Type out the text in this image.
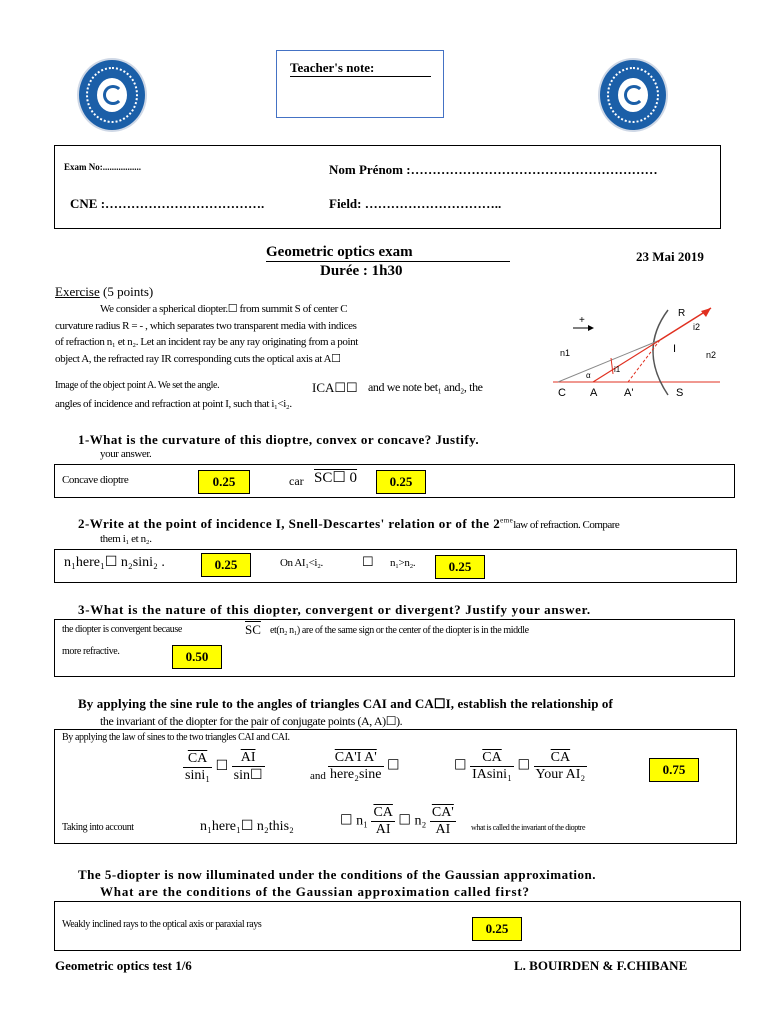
Teacher's note:
Exam No:.................	Nom Prénom :…………………………………………………
CNE :……………………………….	Field: …………………………..
Geometric optics exam
Durée : 1h30
23 Mai 2019
Exercise (5 points)
We consider a spherical diopter.☐ from summit S of center C
curvature radius R = - , which separates two transparent media with indices
of refraction n₁ et n₂. Let an incident ray be any ray originating from a point
object A, the refracted ray IR corresponding cuts the optical axis at A☐
Image of the object point A. We set the angle.	ICA☐☐ and we note bet₁ and₂, the
angles of incidence and refraction at point I, such that i₁<i₂.
+
R
i2
n1	I	n2
C A A'	S
i1
α
1-What is the curvature of this dioptre, convex or concave? Justify.
your answer.
Concave dioptre	0.25	car SC☐ 0	0.25
2-Write at the point of incidence I, Snell-Descartes' relation or of the 2emelaw of refraction. Compare
them i₁ et n₂.
n₁here₁☐ n₂sini₂ .	0.25	On AI₁<i₂.	☐ n₁>n₂.	0.25
3-What is the nature of this diopter, convergent or divergent? Justify your answer.
the diopter is convergent because	$\overline{SC}$ et(n₂ n₁) are of the same sign or the center of the diopter is in the middle
more refractive.	0.50
By applying the sine rule to the angles of triangles CAI and CA☐I, establish the relationship of
the invariant of the diopter for the pair of conjugate points (A, A)☐).
By applying the law of sines to the two triangles CAI and CAI.
$\frac{\overline{CA}}{\text{sini₁}}$ ☐ $\frac{\overline{AI}}{\sin☐}$	and $\frac{\text{CA'I A'}}{\text{here₂sine}}$ ☐	☐ $\frac{\overline{CA}}{\text{IAsini₁}}$ ☐ $\frac{\overline{CA}}{\text{Your AI₂}}$	0.75
Taking into account	n₁here₁☐ n₂this₂	☐ $n_1 \frac{\overline{CA}}{AI}$ ☐ $n_2 \frac{CA'}{AI}$ what is called the invariant of the dioptre
The 5-diopter is now illuminated under the conditions of the Gaussian approximation.
What are the conditions of the Gaussian approximation called first?
Weakly inclined rays to the optical axis or paraxial rays	0.25
Geometric optics test 1/6	L. BOUIRDEN & F.CHIBANE
